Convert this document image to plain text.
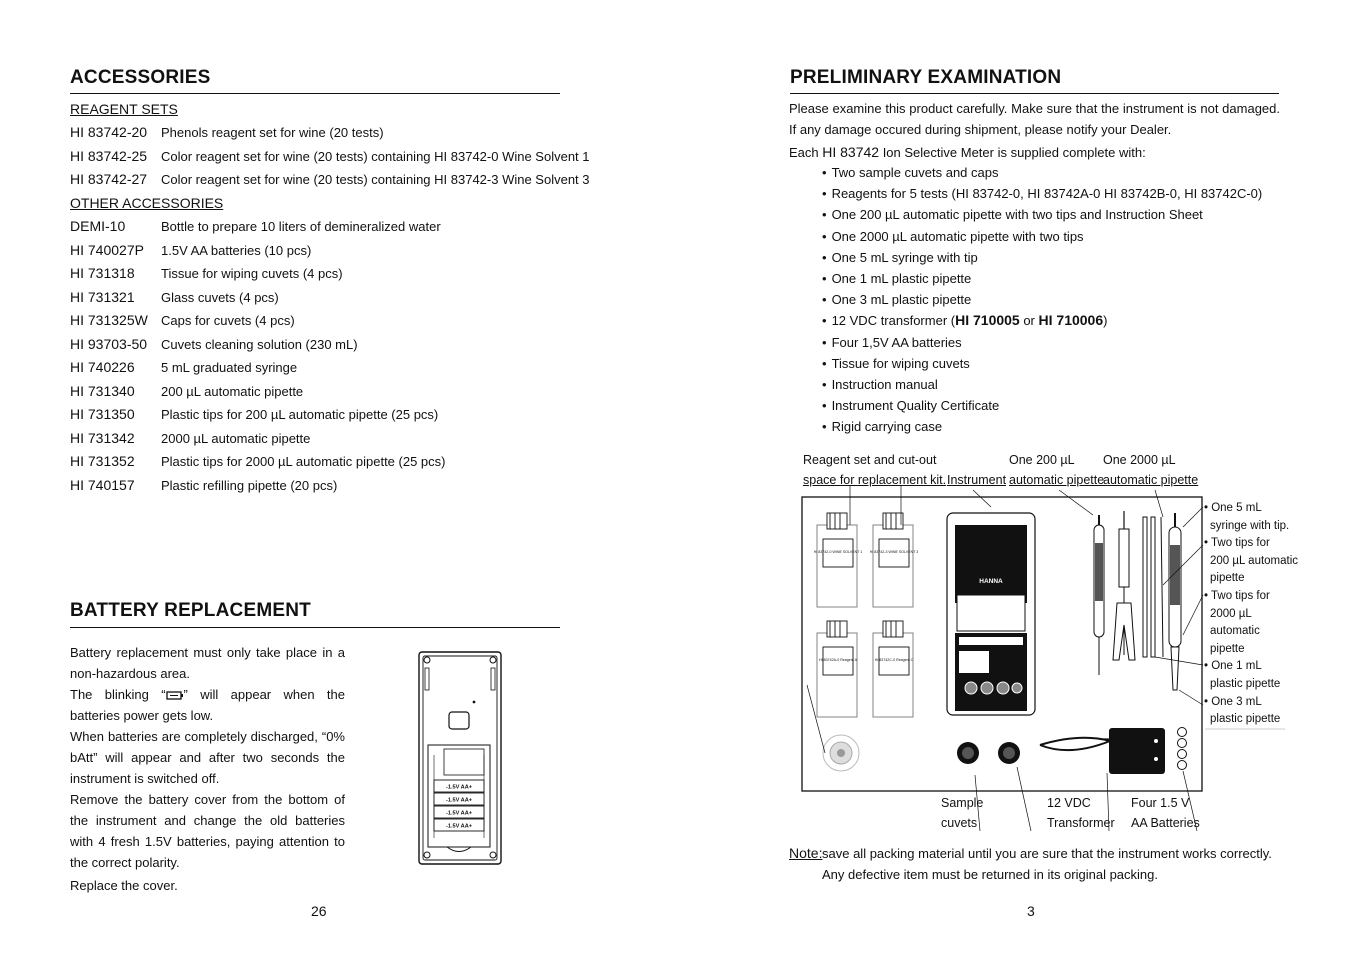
ACCESSORIES
REAGENT SETS
HI 83742-20 Phenols reagent set for wine (20 tests)
HI 83742-25 Color reagent set for wine (20 tests) containing HI 83742-0 Wine Solvent 1
HI 83742-27 Color reagent set for wine (20 tests) containing HI 83742-3 Wine Solvent 3
OTHER ACCESSORIES
DEMI-10	Bottle to prepare 10 liters of demineralized water
HI 740027P 1.5V AA batteries (10 pcs)
HI 731318 Tissue for wiping cuvets (4 pcs)
HI 731321 Glass cuvets (4 pcs)
HI 731325W Caps for cuvets (4 pcs)
HI 93703-50 Cuvets cleaning solution (230 mL)
HI 740226 5 mL graduated syringe
HI 731340 200 µL automatic pipette
HI 731350 Plastic tips for 200 µL automatic pipette (25 pcs)
HI 731342 2000 µL automatic pipette
HI 731352 Plastic tips for 2000 µL automatic pipette (25 pcs)
HI 740157 Plastic refilling pipette (20 pcs)
BATTERY REPLACEMENT
Battery replacement must only take place in a non-hazardous area.
The blinking “ ” will appear when the batteries power gets low.
When batteries are completely discharged, “0% bAtt” will appear and after two seconds the instrument is switched off.
Remove the battery cover from the bottom of the instrument and change the old batteries with 4 fresh 1.5V batteries, paying attention to the correct polarity.
Replace the cover.
-1.5V AA+
-1.5V AA+
-1.5V AA+
-1.5V AA+
26
PRELIMINARY EXAMINATION
Please examine this product carefully. Make sure that the instrument is not damaged. If any damage occured during shipment, please notify your Dealer.
Each HI 83742 Ion Selective Meter is supplied complete with:
• Two sample cuvets and caps
• Reagents for 5 tests (HI 83742-0, HI 83742A-0 HI 83742B-0, HI 83742C-0)
• One 200 µL automatic pipette with two tips and Instruction Sheet
• One 2000 µL automatic pipette with two tips
• One 5 mL syringe with tip
• One 1 mL plastic pipette
• One 3 mL plastic pipette
• 12 VDC transformer (HI 710005 or HI 710006)
• Four 1,5V AA batteries
• Tissue for wiping cuvets
• Instruction manual
• Instrument Quality Certificate
• Rigid carrying case
Reagent set and cut-out
space for replacement kit. Instrument
One 200 µL
automatic pipette
One 2000 µL
automatic pipette
• One 5 mL
syringe with tip.
• Two tips for
200 µL automatic
pipette
• Two tips for
2000 µL
automatic
pipette
• One 1 mL
plastic pipette
• One 3 mL
plastic pipette
Sample
cuvets
12 VDC
Transformer
Four 1.5 V
AA Batteries
HI 83742-0 WINE SOLVENT 1 HI 83742-3 WINE SOLVENT 3
HI 83742A-0 Reagent A	HI 83742C-0 Reagent C
HANNA
Note:save all packing material until you are sure that the instrument works correctly. Any defective item must be returned in its original packing.
3
